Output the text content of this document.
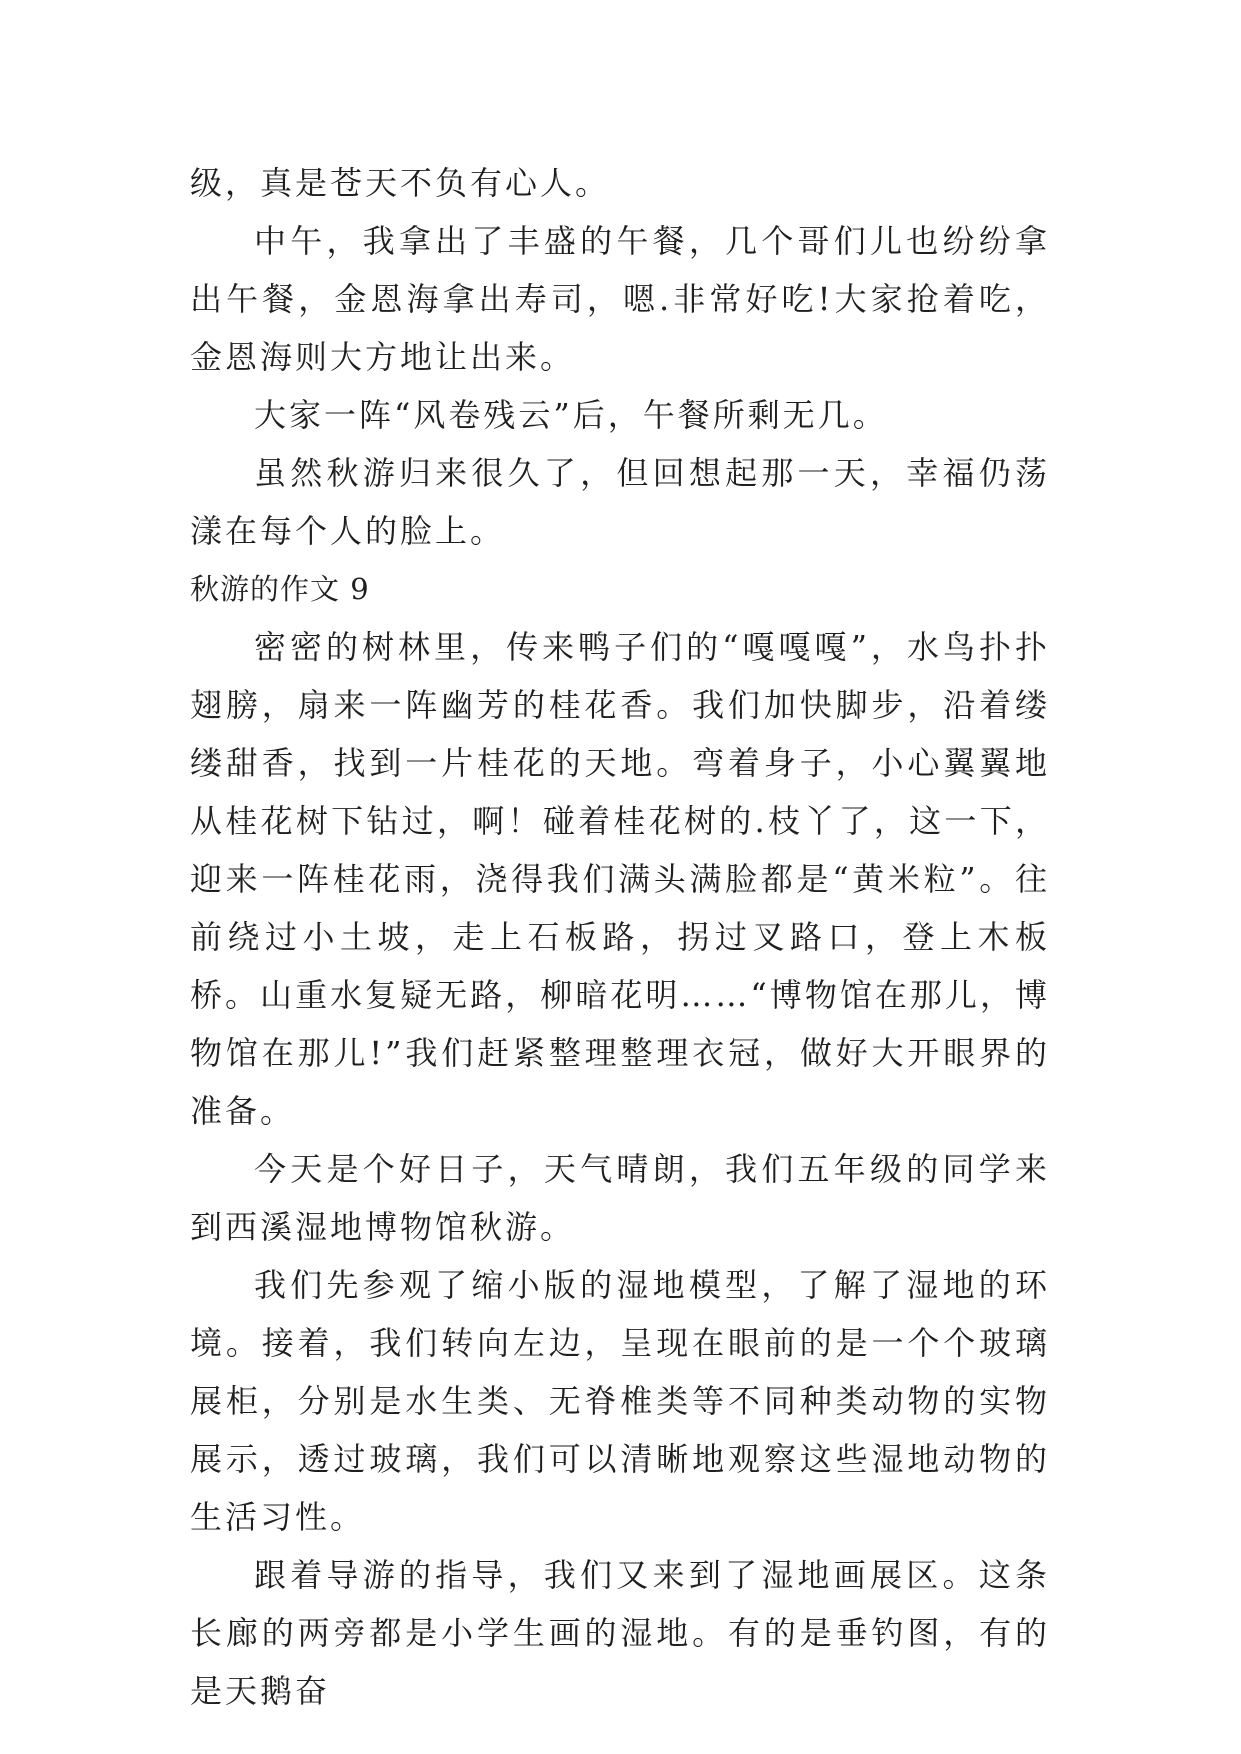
级，真是苍天不负有心人。

中午，我拿出了丰盛的午餐，几个哥们儿也纷纷拿出午餐，金恩海拿出寿司，嗯.非常好吃!大家抢着吃，金恩海则大方地让出来。

大家一阵“风卷残云”后，午餐所剩无几。

虽然秋游归来很久了，但回想起那一天，幸福仍荡漾在每个人的脸上。

秋游的作文 9

密密的树林里，传来鸭子们的“嘎嘎嘎”，水鸟扑扑翅膀，扇来一阵幽芳的桂花香。我们加快脚步，沿着缕缕甜香，找到一片桂花的天地。弯着身子，小心翼翼地从桂花树下钻过，啊！碰着桂花树的.枝丫了，这一下，迎来一阵桂花雨，浇得我们满头满脸都是“黄米粒”。往前绕过小土坡，走上石板路，拐过叉路口，登上木板桥。山重水复疑无路，柳暗花明……“博物馆在那儿，博物馆在那儿!”我们赶紧整理整理衣冠，做好大开眼界的准备。

今天是个好日子，天气晴朗，我们五年级的同学来到西溪湿地博物馆秋游。

我们先参观了缩小版的湿地模型，了解了湿地的环境。接着，我们转向左边，呈现在眼前的是一个个玻璃展柜，分别是水生类、无脊椎类等不同种类动物的实物展示，透过玻璃，我们可以清晰地观察这些湿地动物的生活习性。

跟着导游的指导，我们又来到了湿地画展区。这条长廊的两旁都是小学生画的湿地。有的是垂钓图，有的是天鹅奋
